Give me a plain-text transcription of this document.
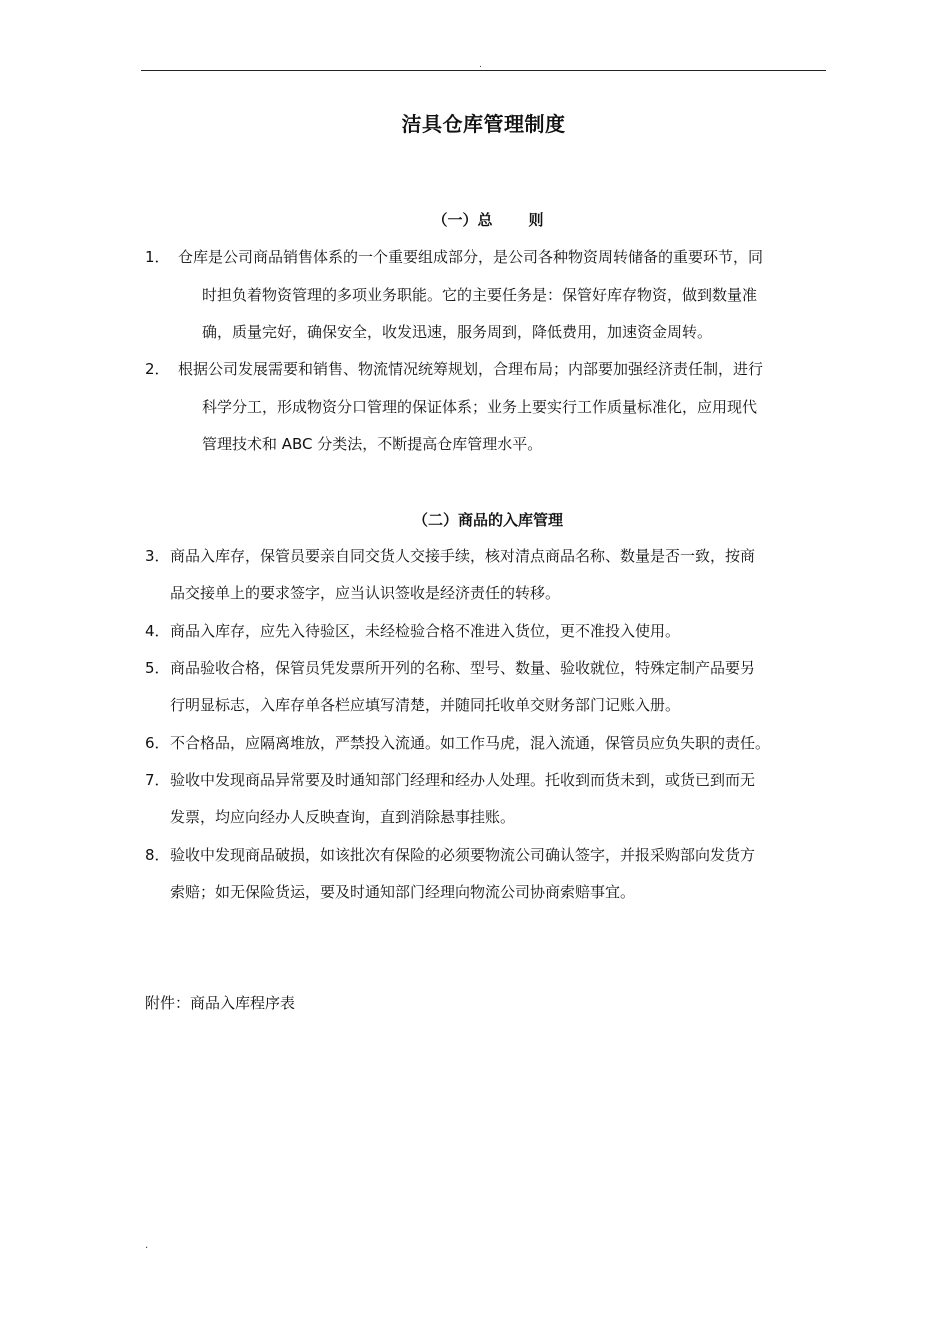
.
洁具仓库管理制度
（一）总 则
1． 仓库是公司商品销售体系的一个重要组成部分，是公司各种物资周转储备的重要环节，同
时担负着物资管理的多项业务职能。它的主要任务是：保管好库存物资，做到数量准
确，质量完好，确保安全，收发迅速，服务周到，降低费用，加速资金周转。
2． 根据公司发展需要和销售、物流情况统筹规划，合理布局；内部要加强经济责任制，进行
科学分工，形成物资分口管理的保证体系；业务上要实行工作质量标准化，应用现代
管理技术和 ABC 分类法，不断提高仓库管理水平。
（二）商品的入库管理
3． 商品入库存，保管员要亲自同交货人交接手续，核对清点商品名称、数量是否一致，按商
品交接单上的要求签字，应当认识签收是经济责任的转移。
4． 商品入库存，应先入待验区，未经检验合格不准进入货位，更不准投入使用。
5． 商品验收合格，保管员凭发票所开列的名称、型号、数量、验收就位，特殊定制产品要另
行明显标志，入库存单各栏应填写清楚，并随同托收单交财务部门记账入册。
6． 不合格品，应隔离堆放，严禁投入流通。如工作马虎，混入流通，保管员应负失职的责任。
7． 验收中发现商品异常要及时通知部门经理和经办人处理。托收到而货未到，或货已到而无
发票，均应向经办人反映查询，直到消除悬事挂账。
8． 验收中发现商品破损，如该批次有保险的必须要物流公司确认签字，并报采购部向发货方
索赔；如无保险货运，要及时通知部门经理向物流公司协商索赔事宜。
附件：商品入库程序表
.
